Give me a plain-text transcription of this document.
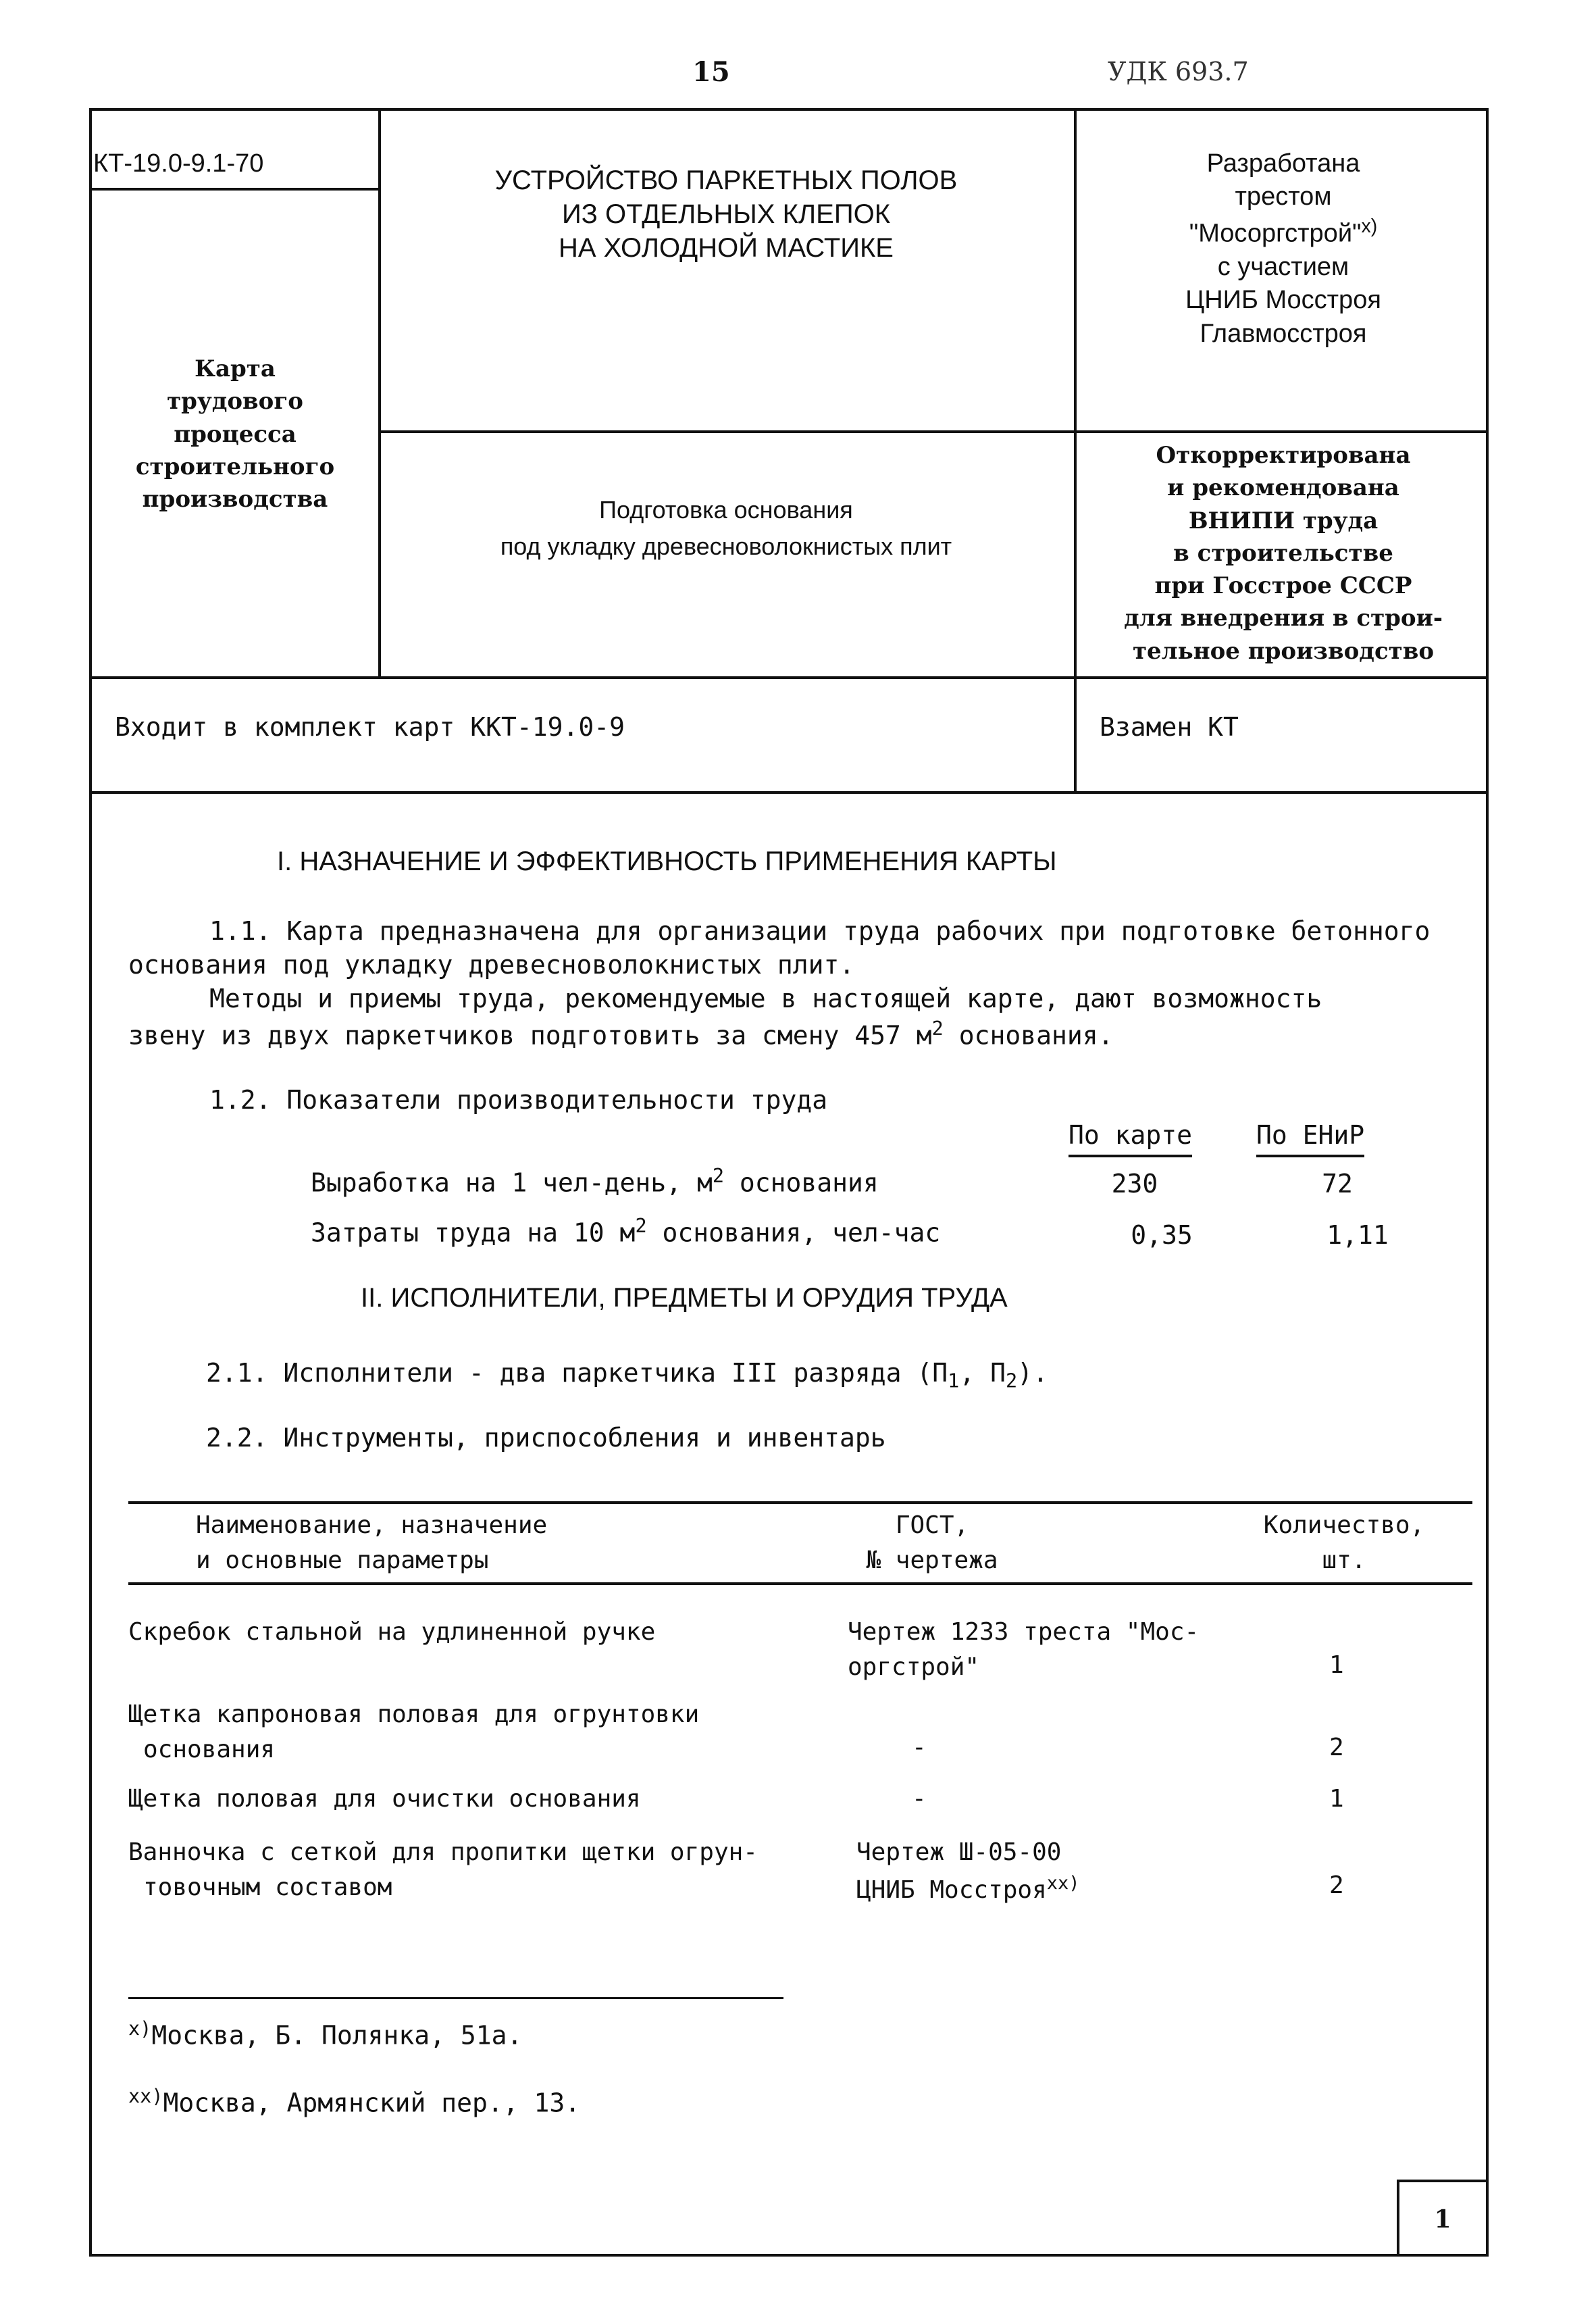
15	УДК 693.7
КТ-19.0-9.1-70
УСТРОЙСТВО ПАРКЕТНЫХ ПОЛОВ
ИЗ ОТДЕЛЬНЫХ КЛЕПОК
НА ХОЛОДНОЙ МАСТИКЕ
Разработана
трестом
"Мосоргстрой"$^{x)}$
с участием
ЦНИБ Мосстроя
Главмосстроя
Карта
трудового
процесса
строительного
производства	Подготовка основания
под укладку древесноволокнистых плит
Откорректирована
и рекомендована
ВНИПИ труда
в строительстве
при Госстрое СССР
для внедрения в строи-
тельное производство
Входит в комплект карт ККТ-19.0-9	Взамен КТ
I. НАЗНАЧЕНИЕ И ЭФФЕКТИВНОСТЬ ПРИМЕНЕНИЯ КАРТЫ
1.1. Карта предназначена для организации труда рабочих при подготовке бетонного
основания под укладку древесноволокнистых плит.
Методы и приемы труда, рекомендуемые в настоящей карте, дают возможность
звену из двух паркетчиков подготовить за смену 457 $м^2$ основания.
1.2. Показатели производительности труда
По карте По ЕНиР
Выработка на 1 чел-день, $м^2$ основания	230	72
Затраты труда на 10 $м^2$ основания, чел-час	0,35	1,11
II. ИСПОЛНИТЕЛИ, ПРЕДМЕТЫ И ОРУДИЯ ТРУДА
2.1. Исполнители - два паркетчика III разряда ($П_1$, $П_2$).
2.2. Инструменты, приспособления и инвентарь
Наименование, назначение
и основные параметры
ГОСТ,
№ чертежа
Количество,
шт.
Скребок стальной на удлиненной ручке	Чертеж 1233 треста "Мос-
оргстрой"	1
Щетка капроновая половая для огрунтовки
основания	-	2
Щетка половая для очистки основания	-	1
Ванночка с сеткой для пропитки щетки огрун-
товочным составом
Чертеж Ш-05-00
ЦНИБ Мосстроя$^{xx)}$	2
$^{x)}$Москва, Б. Полянка, 51а.
$^{xx)}$Москва, Армянский пер., 13.
1
